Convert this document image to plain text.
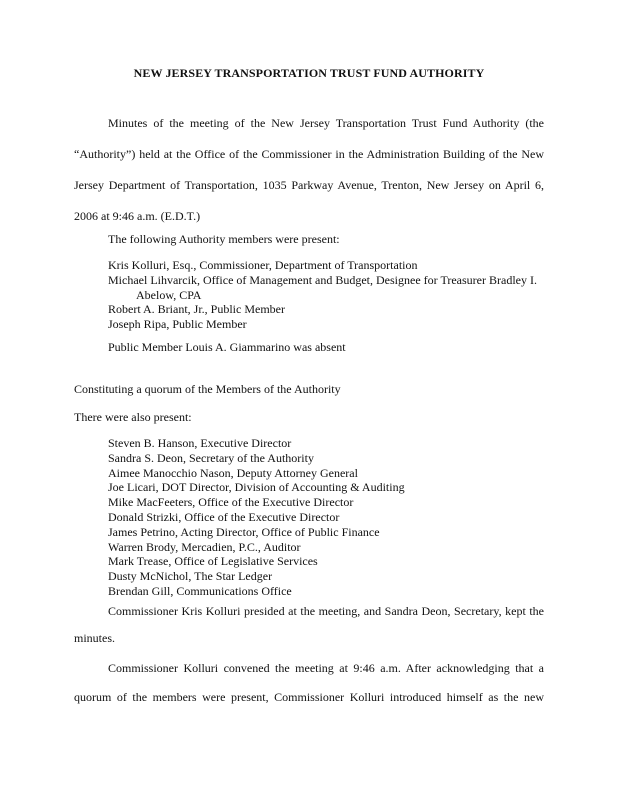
NEW JERSEY TRANSPORTATION TRUST FUND AUTHORITY

Minutes of the meeting of the New Jersey Transportation Trust Fund Authority (the

“Authority”) held at the Office of the Commissioner in the Administration Building of the New

Jersey Department of Transportation, 1035 Parkway Avenue, Trenton, New Jersey on April 6,

2006 at 9:46 a.m. (E.D.T.)

The following Authority members were present:

Kris Kolluri, Esq., Commissioner, Department of Transportation
Michael Lihvarcik, Office of Management and Budget, Designee for Treasurer Bradley I.
Abelow, CPA
Robert A. Briant, Jr., Public Member
Joseph Ripa, Public Member

Public Member Louis A. Giammarino was absent

Constituting a quorum of the Members of the Authority

There were also present:

Steven B. Hanson, Executive Director
Sandra S. Deon, Secretary of the Authority
Aimee Manocchio Nason, Deputy Attorney General
Joe Licari, DOT Director, Division of Accounting & Auditing
Mike MacFeeters, Office of the Executive Director
Donald Strizki, Office of the Executive Director
James Petrino, Acting Director, Office of Public Finance
Warren Brody, Mercadien, P.C., Auditor
Mark Trease, Office of Legislative Services
Dusty McNichol, The Star Ledger
Brendan Gill, Communications Office

Commissioner Kris Kolluri presided at the meeting, and Sandra Deon, Secretary, kept the

minutes.

Commissioner Kolluri convened the meeting at 9:46 a.m. After acknowledging that a

quorum of the members were present, Commissioner Kolluri introduced himself as the new
